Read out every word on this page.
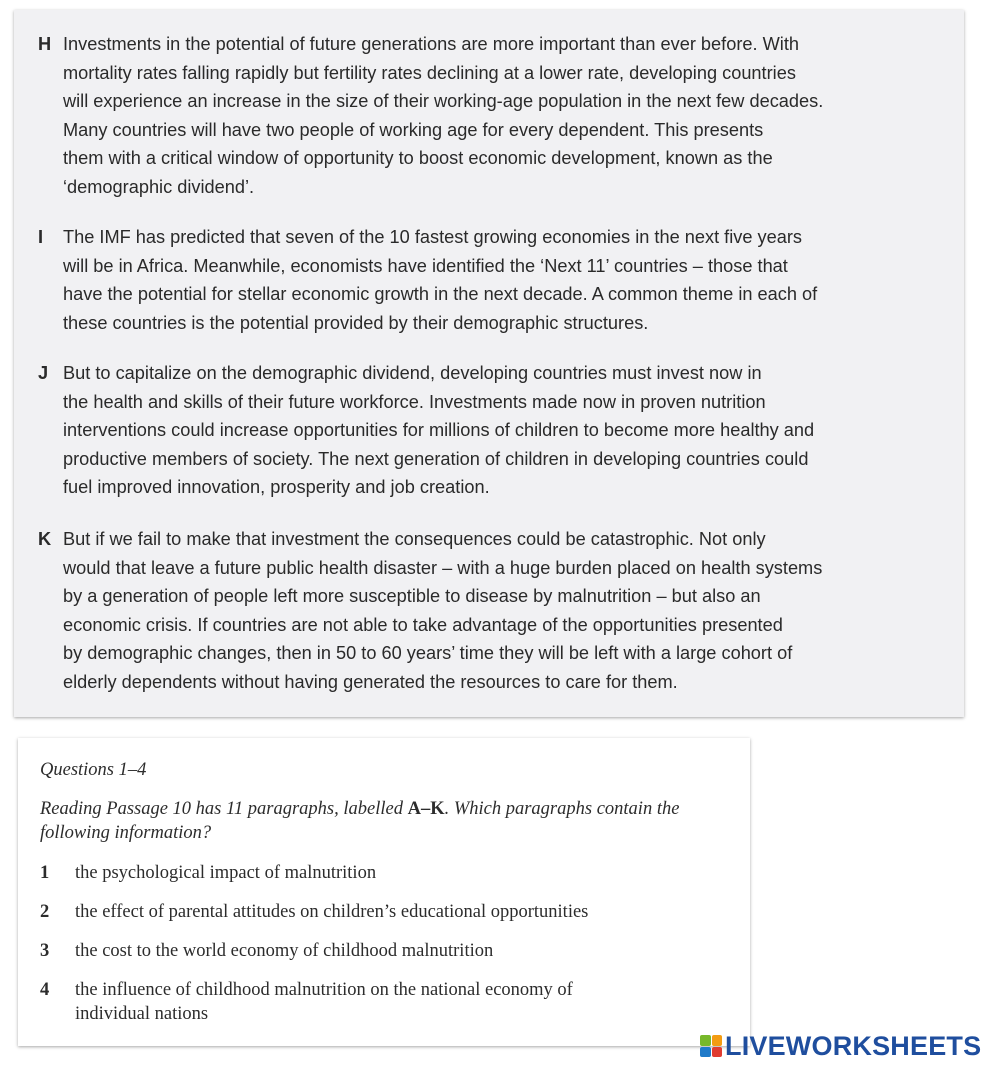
H Investments in the potential of future generations are more important than ever before. With
mortality rates falling rapidly but fertility rates declining at a lower rate, developing countries
will experience an increase in the size of their working-age population in the next few decades.
Many countries will have two people of working age for every dependent. This presents
them with a critical window of opportunity to boost economic development, known as the
‘demographic dividend’.
I The IMF has predicted that seven of the 10 fastest growing economies in the next five years
will be in Africa. Meanwhile, economists have identified the ‘Next 11’ countries – those that
have the potential for stellar economic growth in the next decade. A common theme in each of
these countries is the potential provided by their demographic structures.
J But to capitalize on the demographic dividend, developing countries must invest now in
the health and skills of their future workforce. Investments made now in proven nutrition
interventions could increase opportunities for millions of children to become more healthy and
productive members of society. The next generation of children in developing countries could
fuel improved innovation, prosperity and job creation.
K But if we fail to make that investment the consequences could be catastrophic. Not only
would that leave a future public health disaster – with a huge burden placed on health systems
by a generation of people left more susceptible to disease by malnutrition – but also an
economic crisis. If countries are not able to take advantage of the opportunities presented
by demographic changes, then in 50 to 60 years’ time they will be left with a large cohort of
elderly dependents without having generated the resources to care for them.
Questions 1–4
Reading Passage 10 has 11 paragraphs, labelled A–K. Which paragraphs contain the following information?
1 the psychological impact of malnutrition
2 the effect of parental attitudes on children’s educational opportunities
3 the cost to the world economy of childhood malnutrition
4 the influence of childhood malnutrition on the national economy of
individual nations
LIVEWORKSHEETS
